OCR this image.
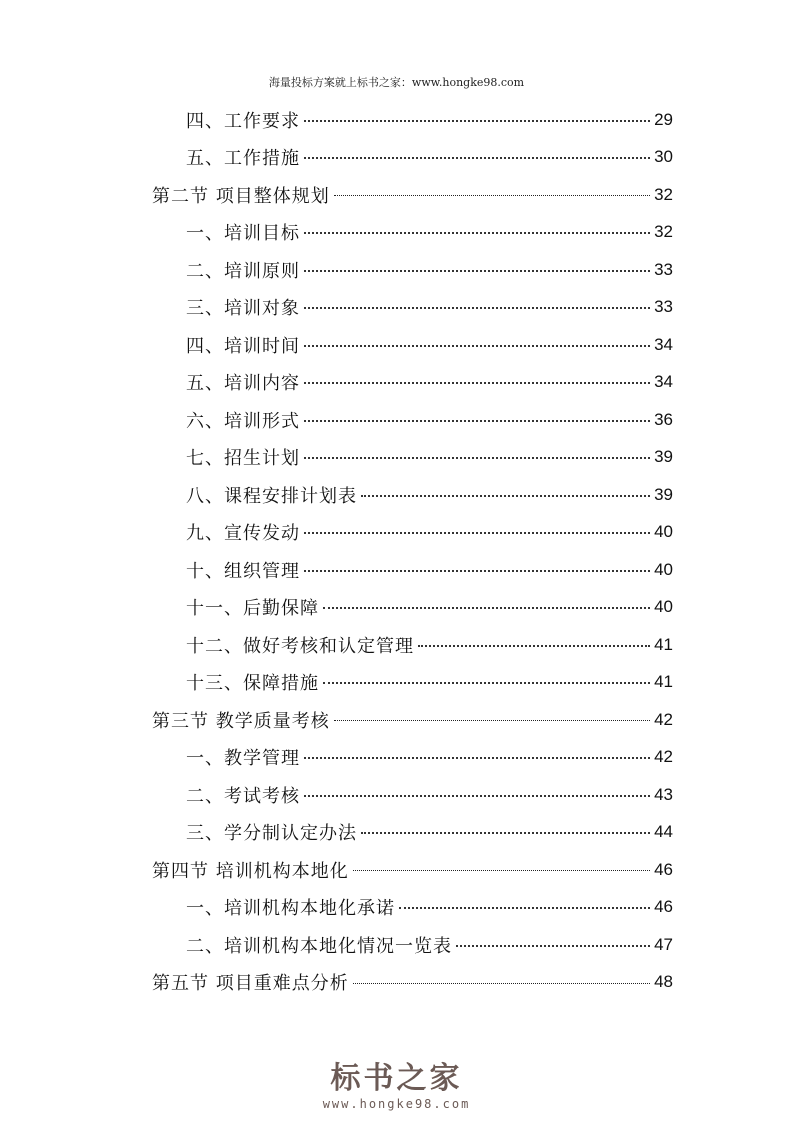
海量投标方案就上标书之家：www.hongke98.com
四、工作要求	29
五、工作措施	30
第二节 项目整体规划	32
一、培训目标	32
二、培训原则	33
三、培训对象	33
四、培训时间	34
五、培训内容	34
六、培训形式	36
七、招生计划	39
八、课程安排计划表	39
九、宣传发动	40
十、组织管理	40
十一、后勤保障	40
十二、做好考核和认定管理	41
十三、保障措施	41
第三节 教学质量考核	42
一、教学管理	42
二、考试考核	43
三、学分制认定办法	44
第四节 培训机构本地化	46
一、培训机构本地化承诺	46
二、培训机构本地化情况一览表	47
第五节 项目重难点分析	48
标书之家
www.hongke98.com
